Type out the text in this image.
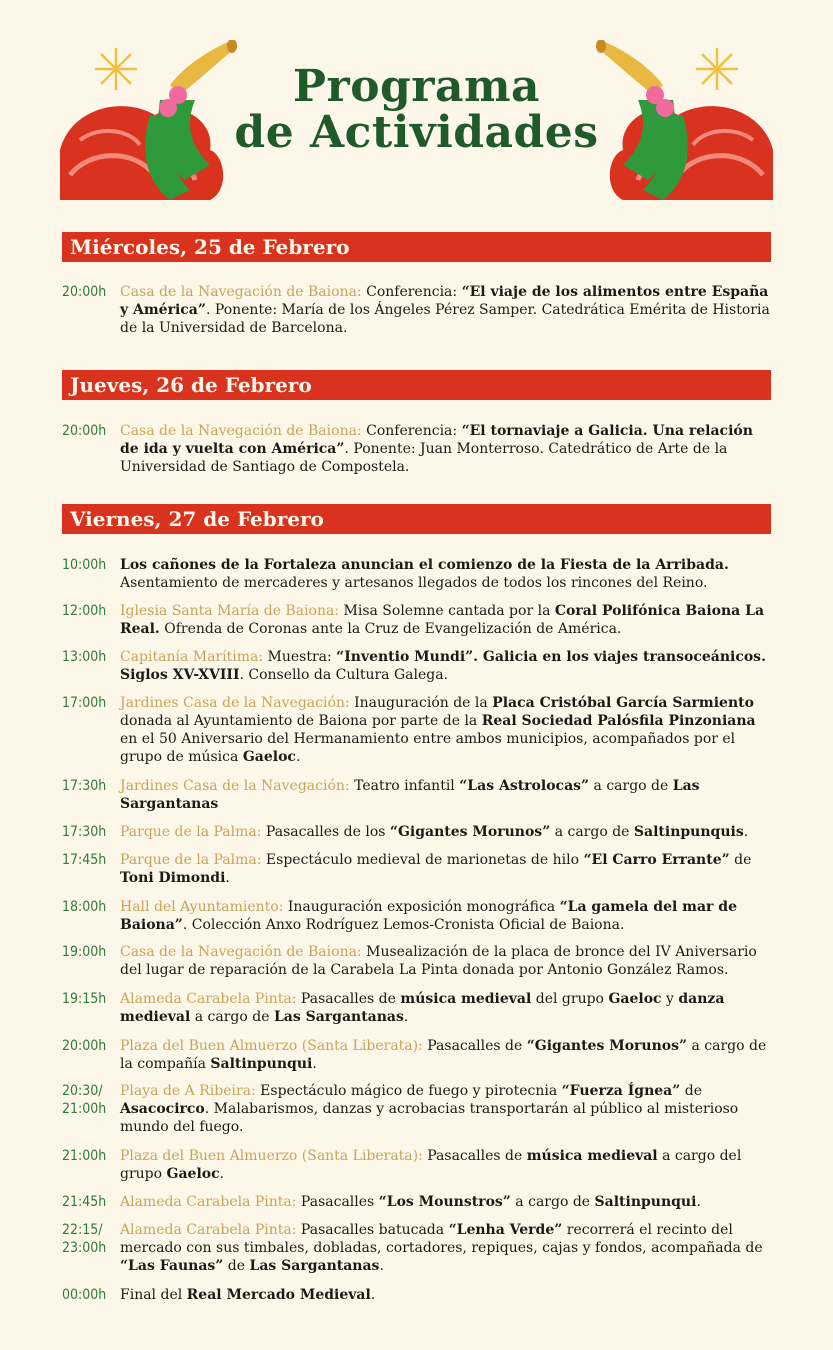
Programa
de Actividades
Miércoles, 25 de Febrero
Jueves, 26 de Febrero
Viernes, 27 de Febrero
20:00h Casa de la Navegación de Baiona: Conferencia: “El viaje de los alimentos entre España y América”. Ponente: María de los Ángeles Pérez Samper. Catedrática Emérita de Historia de la Universidad de Barcelona.
20:00h Casa de la Navegación de Baiona: Conferencia: “El tornaviaje a Galicia. Una relación de ida y vuelta con América”. Ponente: Juan Monterroso. Catedrático de Arte de la Universidad de Santiago de Compostela.
10:00h Los cañones de la Fortaleza anuncian el comienzo de la Fiesta de la Arribada. Asentamiento de mercaderes y artesanos llegados de todos los rincones del Reino.
12:00h Iglesia Santa María de Baiona: Misa Solemne cantada por la Coral Polifónica Baiona La Real. Ofrenda de Coronas ante la Cruz de Evangelización de América.
13:00h Capitanía Marítima: Muestra: “Inventio Mundi”. Galicia en los viajes transoceánicos. Siglos XV-XVIII. Consello da Cultura Galega.
17:00h Jardines Casa de la Navegación: Inauguración de la Placa Cristóbal García Sarmiento donada al Ayuntamiento de Baiona por parte de la Real Sociedad Palósfila Pinzoniana en el 50 Aniversario del Hermanamiento entre ambos municipios, acompañados por el grupo de música Gaeloc.
17:30h Jardines Casa de la Navegación: Teatro infantil “Las Astrolocas” a cargo de Las Sargantanas
17:30h Parque de la Palma: Pasacalles de los “Gigantes Morunos” a cargo de Saltinpunquis.
17:45h Parque de la Palma: Espectáculo medieval de marionetas de hilo “El Carro Errante” de Toni Dimondi.
18:00h Hall del Ayuntamiento: Inauguración exposición monográfica “La gamela del mar de Baiona”. Colección Anxo Rodríguez Lemos-Cronista Oficial de Baiona.
19:00h Casa de la Navegación de Baiona: Musealización de la placa de bronce del IV Aniversario del lugar de reparación de la Carabela La Pinta donada por Antonio González Ramos.
19:15h Alameda Carabela Pinta: Pasacalles de música medieval del grupo Gaeloc y danza medieval a cargo de Las Sargantanas.
20:00h Plaza del Buen Almuerzo (Santa Liberata): Pasacalles de “Gigantes Morunos” a cargo de la compañía Saltinpunqui.
20:30/
21:00h
Playa de A Ribeira: Espectáculo mágico de fuego y pirotecnia “Fuerza Ígnea” de Asacocirco. Malabarismos, danzas y acrobacias transportarán al público al misterioso mundo del fuego.
21:00h Plaza del Buen Almuerzo (Santa Liberata): Pasacalles de música medieval a cargo del grupo Gaeloc.
21:45h Alameda Carabela Pinta: Pasacalles “Los Mounstros” a cargo de Saltinpunqui.
22:15/
23:00h
Alameda Carabela Pinta: Pasacalles batucada “Lenha Verde” recorrerá el recinto del mercado con sus timbales, dobladas, cortadores, repiques, cajas y fondos, acompañada de “Las Faunas” de Las Sargantanas.
00:00h Final del Real Mercado Medieval.
